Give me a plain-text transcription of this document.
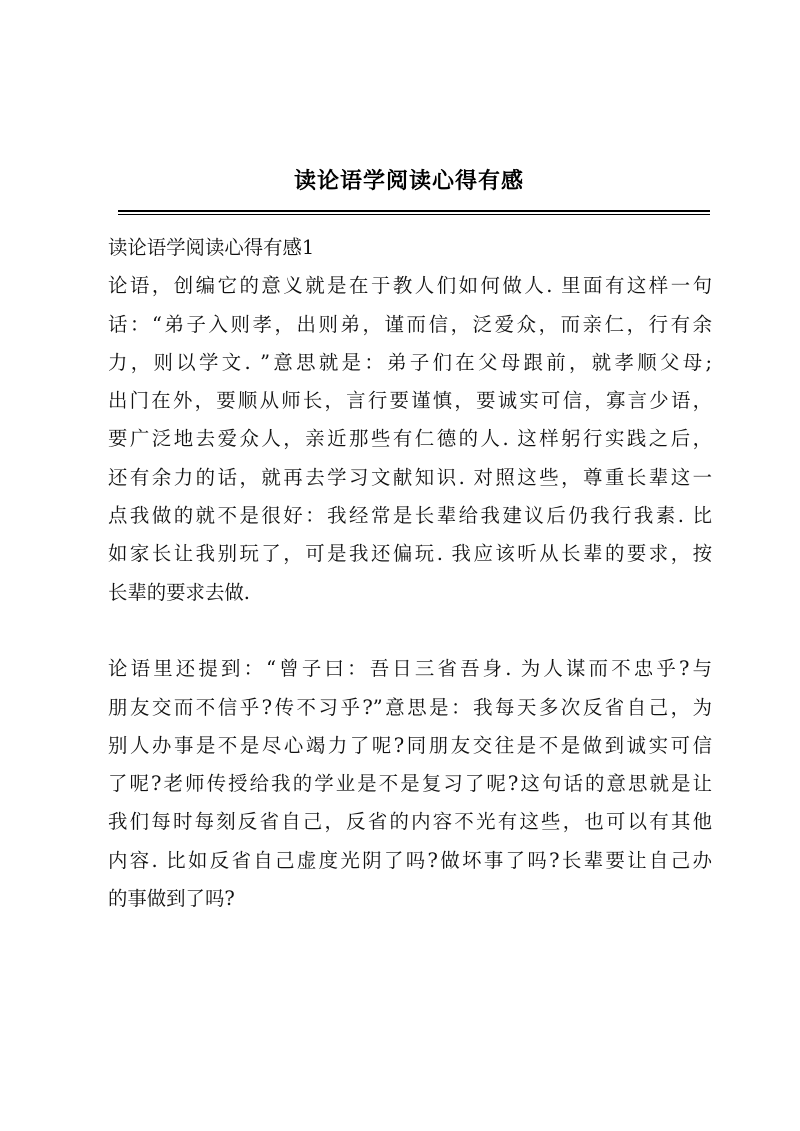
读论语学阅读心得有感
读论语学阅读心得有感1
论语，创编它的意义就是在于教人们如何做人. 里面有这样一句
话：“弟子入则孝，出则弟，谨而信，泛爱众，而亲仁，行有余
力，则以学文. ”意思就是：弟子们在父母跟前，就孝顺父母;
出门在外，要顺从师长，言行要谨慎，要诚实可信，寡言少语，
要广泛地去爱众人，亲近那些有仁德的人. 这样躬行实践之后，
还有余力的话，就再去学习文献知识. 对照这些，尊重长辈这一
点我做的就不是很好：我经常是长辈给我建议后仍我行我素. 比
如家长让我别玩了，可是我还偏玩. 我应该听从长辈的要求，按
长辈的要求去做.
论语里还提到：“曾子曰：吾日三省吾身. 为人谋而不忠乎?与
朋友交而不信乎?传不习乎?”意思是：我每天多次反省自己，为
别人办事是不是尽心竭力了呢?同朋友交往是不是做到诚实可信
了呢?老师传授给我的学业是不是复习了呢?这句话的意思就是让
我们每时每刻反省自己，反省的内容不光有这些，也可以有其他
内容. 比如反省自己虚度光阴了吗?做坏事了吗?长辈要让自己办
的事做到了吗?
